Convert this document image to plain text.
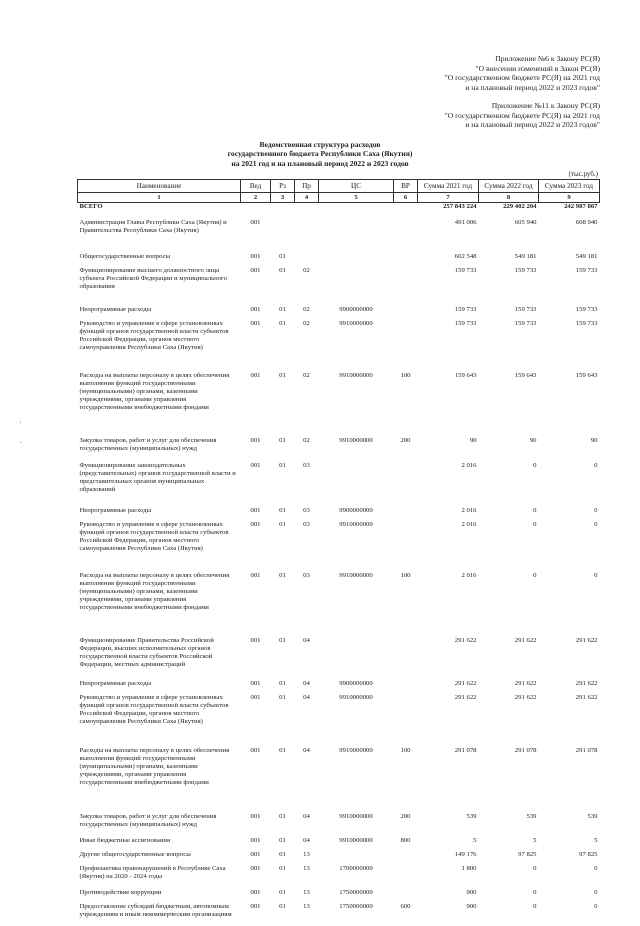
Приложение №6 к Закону РС(Я)
"О внесении изменений в Закон РС(Я)
"О государственном бюджете РС(Я) на 2021 год
и на плановый период 2022 и 2023 годов"
Приложение №11 к Закону РС(Я)
"О государственном бюджете РС(Я) на 2021 год
и на плановый период 2022 и 2023 годов"
Ведомственная структура расходов
государственного бюджета Республики Саха (Якутия)
на 2021 год и на плановый период 2022 и 2023 годов
(тыс.руб.)
'
.
Наименование	Вед	Рз	Пр	ЦС	ВР	Сумма 2021 год	Сумма 2022 год	Сумма 2023 год
1	2	3	4	5	6	7	8	9
ВСЕГО						257 843 224	229 402 204	242 987 867
Администрация Главы Республики Саха (Якутия) и Правительства Республики Саха (Якутия)	001					491 006	605 940	608 940
Общегосударственные вопросы	001	01				602 548	549 181	549 181
Функционирование высшего должностного лица субъекта Российской Федерации и муниципального образования	001	01	02			159 733	159 733	159 733
Непрограммные расходы	001	01	02	9900000000		159 733	159 733	159 733
Руководство и управление в сфере установленных функций органов государственной власти субъектов Российской Федерации, органов местного самоуправления Республики Саха (Якутия)	001	01	02	9910000000		159 733	159 733	159 733
Расходы на выплаты персоналу в целях обеспечения выполнения функций государственными (муниципальными) органами, казенными учреждениями, органами управления государственными внебюджетными фондами	001	01	02	9910000000	100	159 643	159 643	159 643
Закупка товаров, работ и услуг для обеспечения государственных (муниципальных) нужд	001	01	02	9910000000	200	90	90	90
Функционирование законодательных (представительных) органов государственной власти и представительных органов муниципальных образований	001	01	03			2 016	0	0
Непрограммные расходы	001	01	03	9900000000		2 016	0	0
Руководство и управление в сфере установленных функций органов государственной власти субъектов Российской Федерации, органов местного самоуправления Республики Саха (Якутия)	001	01	03	9910000000		2 016	0	0
Расходы на выплаты персоналу в целях обеспечения выполнения функций государственными (муниципальными) органами, казенными учреждениями, органами управления государственными внебюджетными фондами	001	01	03	9910000000	100	2 016	0	0
Функционирование Правительства Российской Федерации, высших исполнительных органов государственной власти субъектов Российской Федерации, местных администраций	001	01	04			291 622	291 622	291 622
Непрограммные расходы	001	01	04	9900000000		291 622	291 622	291 622
Руководство и управление в сфере установленных функций органов государственной власти субъектов Российской Федерации, органов местного самоуправления Республики Саха (Якутия)	001	01	04	9910000000		291 622	291 622	291 622
Расходы на выплаты персоналу в целях обеспечения выполнения функций государственными (муниципальными) органами, казенными учреждениями, органами управления государственными внебюджетными фондами	001	01	04	9910000000	100	291 078	291 078	291 078
Закупка товаров, работ и услуг для обеспечения государственных (муниципальных) нужд	001	01	04	9910000000	200	539	539	539
Иные бюджетные ассигнования	001	01	04	9910000000	800	5	5	5
Другие общегосударственные вопросы	001	01	13			149 176	97 825	97 825
Профилактика правонарушений в Республике Саха (Якутия) на 2020 - 2024 годы	001	01	13	1700000000		1 800	0	0
Противодействие коррупции	001	01	13	1750000000		900	0	0
Предоставление субсидий бюджетным, автономным учреждениям и иным некоммерческим организациям	001	01	13	1750000000	600	900	0	0
